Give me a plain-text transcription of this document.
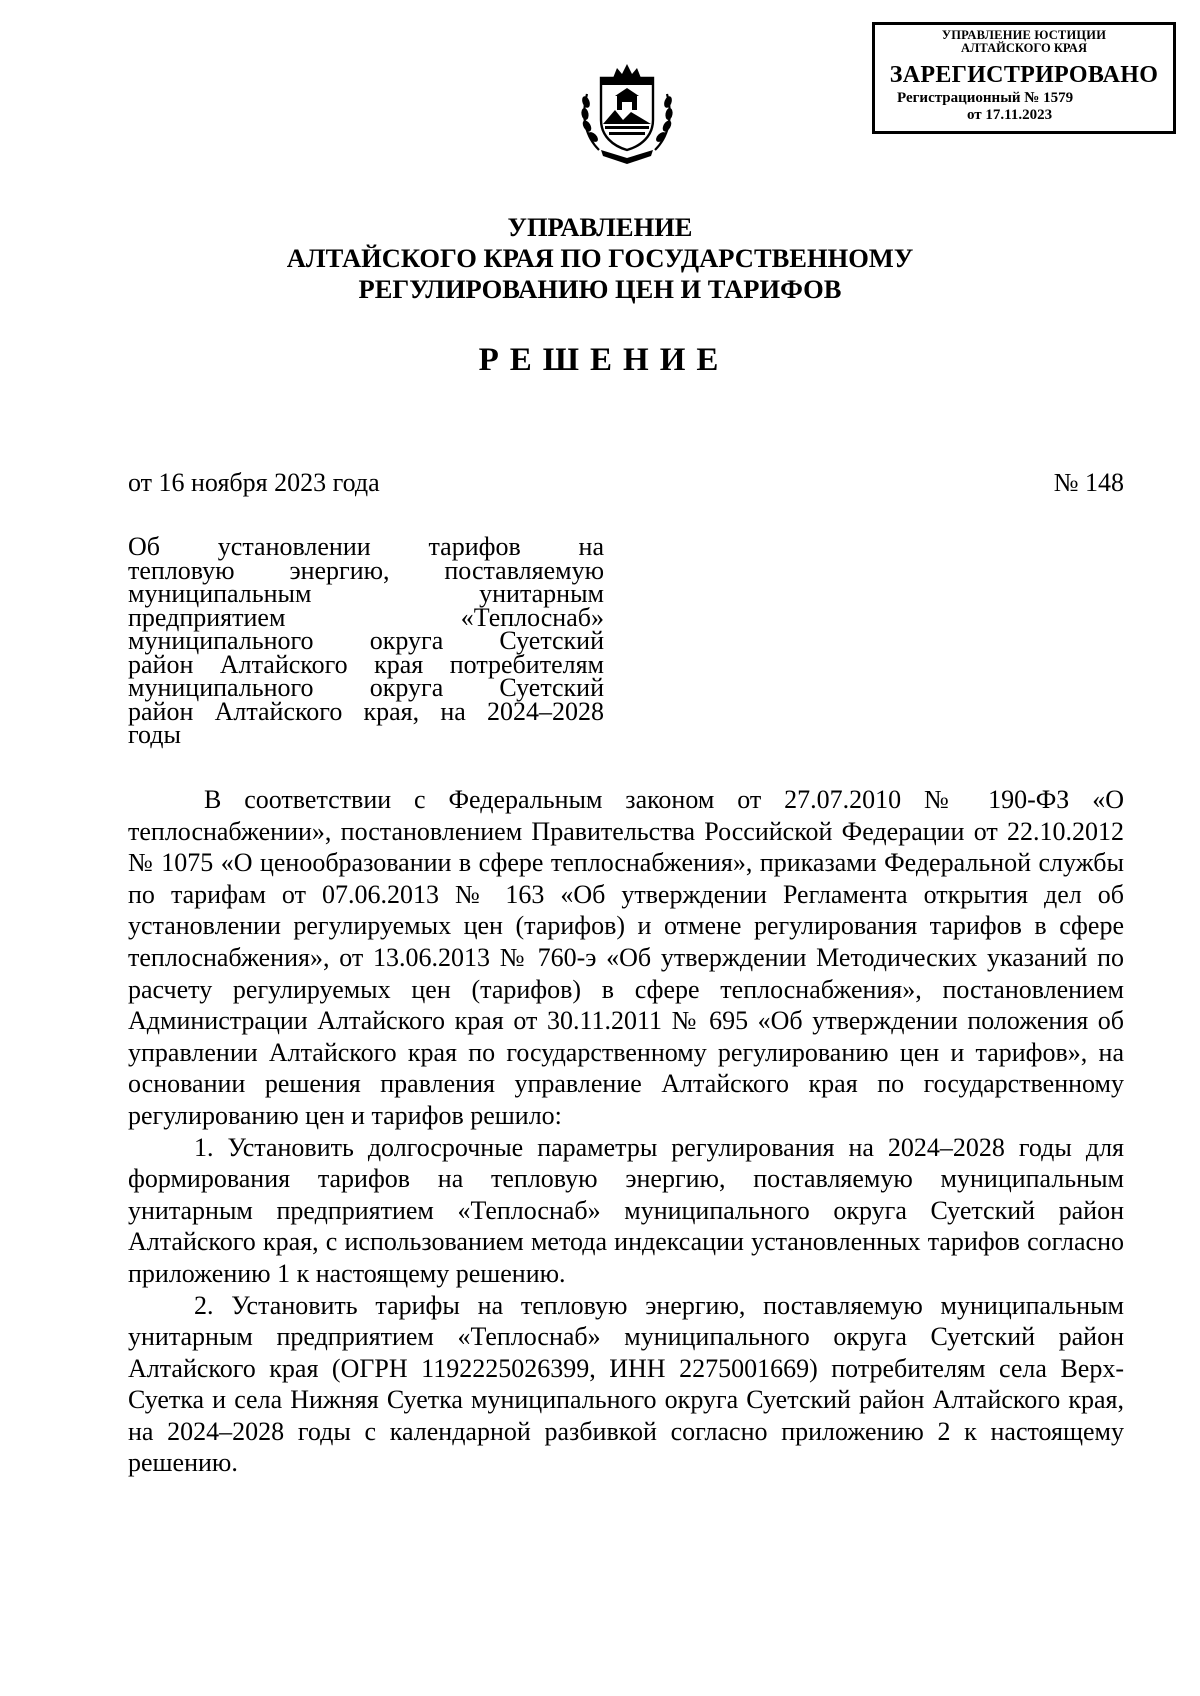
УПРАВЛЕНИЕ ЮСТИЦИИ
АЛТАЙСКОГО КРАЯ
ЗАРЕГИСТРИРОВАНО
Регистрационный № 1579
от 17.11.2023
УПРАВЛЕНИЕ
АЛТАЙСКОГО КРАЯ ПО ГОСУДАРСТВЕННОМУ
РЕГУЛИРОВАНИЮ ЦЕН И ТАРИФОВ
РЕШЕНИЕ
от 16 ноября 2023 года	№ 148
Об установлении тарифов на
тепловую энергию, поставляемую
муниципальным унитарным
предприятием «Теплоснаб»
муниципального округа Суетский
район Алтайского края потребителям
муниципального округа Суетский
район Алтайского края, на 2024–2028
годы

В соответствии с Федеральным законом от 27.07.2010 № 190-ФЗ «О теплоснабжении», постановлением Правительства Российской Федерации от 22.10.2012 № 1075 «О ценообразовании в сфере теплоснабжения», приказами Федеральной службы по тарифам от 07.06.2013 № 163 «Об утверждении Регламента открытия дел об установлении регулируемых цен (тарифов) и отмене регулирования тарифов в сфере теплоснабжения», от 13.06.2013 № 760-э «Об утверждении Методических указаний по расчету регулируемых цен (тарифов) в сфере теплоснабжения», постановлением Администрации Алтайского края от 30.11.2011 № 695 «Об утверждении положения об управлении Алтайского края по государственному регулированию цен и тарифов», на основании решения правления управление Алтайского края по государственному регулированию цен и тарифов решило:

1. Установить долгосрочные параметры регулирования на 2024–2028 годы для формирования тарифов на тепловую энергию, поставляемую муниципальным унитарным предприятием «Теплоснаб» муниципального округа Суетский район Алтайского края, с использованием метода индексации установленных тарифов согласно приложению 1 к настоящему решению.

2. Установить тарифы на тепловую энергию, поставляемую муниципальным унитарным предприятием «Теплоснаб» муниципального округа Суетский район Алтайского края (ОГРН 1192225026399, ИНН 2275001669) потребителям села Верх-Суетка и села Нижняя Суетка муниципального округа Суетский район Алтайского края, на 2024–2028 годы с календарной разбивкой согласно приложению 2 к настоящему решению.
